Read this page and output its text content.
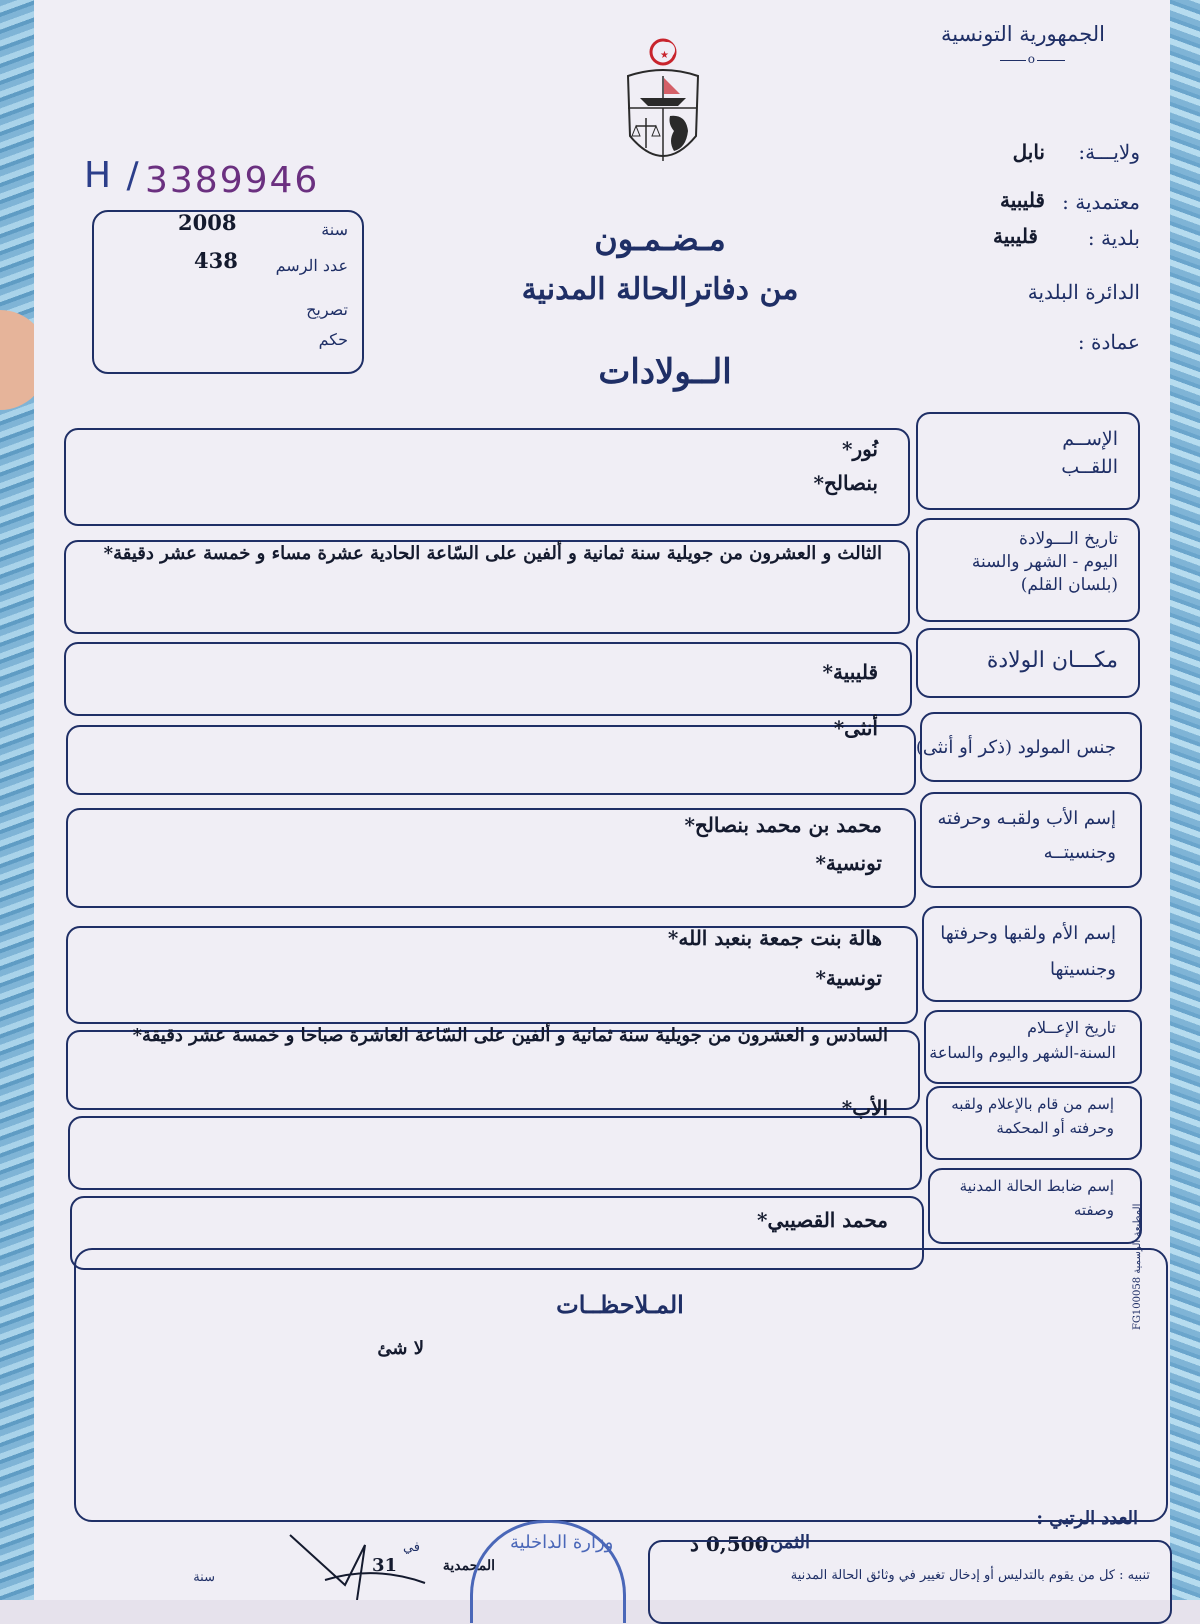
الجمهورية التونسية
o
★
ولايـــة:
نابل
معتمدية :
قليبية
بلدية :
قليبية
الدائرة البلدية
عمادة :
H / 3389946
سنة
2008
عدد الرسم
438
تصريح
حكم
مـضـمـون
من دفاترالحالة المدنية
الــولادات
الإســم
اللقــب
نُور*
بنصالح*
تاريخ الـــولادة
اليوم - الشهر والسنة
(بلسان القلم)
الثالث و العشرون من جويلية سنة ثمانية و ألفين على السّاعة الحادية عشرة مساء و خمسة عشر دقيقة*
مكـــان الولادة
قليبية*
جنس المولود (ذكر أو أنثى)
أنثى*
إسم الأب ولقبـه وحرفته
وجنسيتــه
محمد بن محمد بنصالح*
تونسية*
إسم الأم ولقبها وحرفتها
وجنسيتها
هالة بنت جمعة بنعبد الله*
تونسية*
تاريخ الإعــلام
السنة-الشهر واليوم والساعة
السادس و العشرون من جويلية سنة ثمانية و ألفين على السّاعة العاشرة صباحا و خمسة عشر دقيقة*
إسم من قام بالإعلام ولقبه
وحرفته أو المحكمة
الأب*
إسم ضابط الحالة المدنية
وصفته
محمد القصيبي*
المـلاحظــات
لا شئ
المطبعة الرسمية FG100058
العدد الرتبي :
الثمن :
0,500 د
31
في
المحمدية
سنة
وزارة الداخلية
تنبيه : كل من يقوم بالتدليس أو إدخال تغيير في وثائق الحالة المدنية
